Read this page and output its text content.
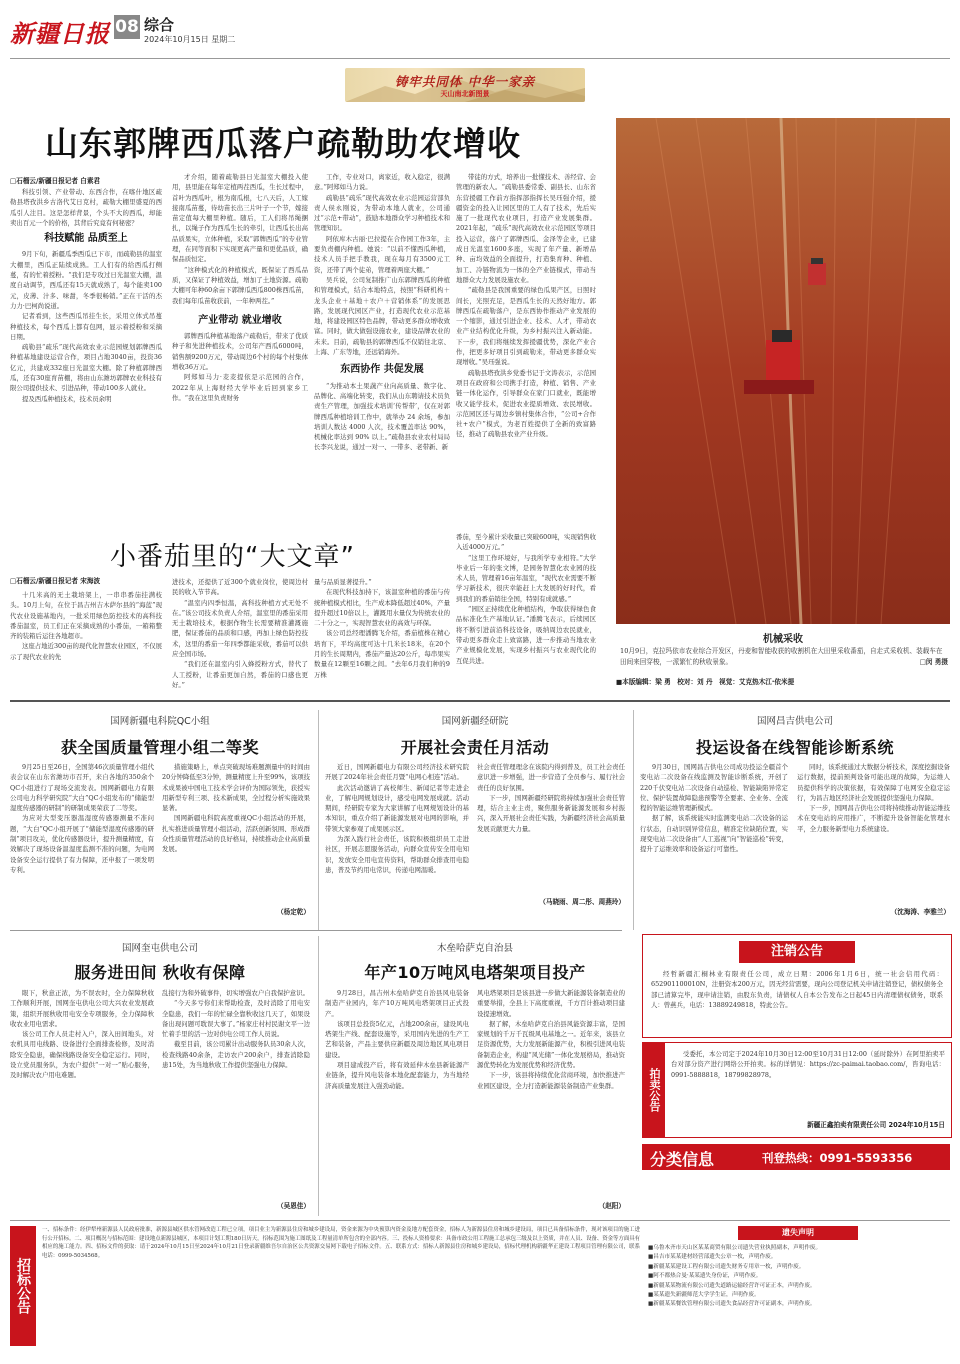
新疆日报 08 综合
2024年10月15日 星期二
铸牢共同体 中华一家亲
天山南北新图景
山东郭牌西瓜落户疏勒助农增收
□石榴云/新疆日报记者 白素君

科技引领、产业带动、东西合作，在喀什地区疏勒县塔孜洪乡古洛代艾日克村，疏勒大棚里盛夏的西瓜引人注目。这是怎样背景，个头不大的西瓜，却能卖出百元一个的价格，其背后究竟有何秘密？

科技赋能 品质至上

9月下旬，新疆瓜季西瓜已下市，而疏勒县的温室大棚里，西瓜正陆续成熟。工人们有的给西瓜打侧蔓，有的忙着授粉。“我们是专攻过日光温室大棚，温度自动调节，西瓜还有15天就成熟了，每个能卖100元，皮薄、汁多、味甜，冬季很畅销。”正在干活的杰力力·巴柯尚说道。

记者看到，这些西瓜吊挂生长，采用立体式吊蔓种植技术，每个西瓜上都有包网，显示着授粉和采摘日期。

疏勒县“疏乐”现代高效农业示范园规划郭牌西瓜种植基地建设运营合作，项目占地3040亩，投资36亿元，共建成332座日光温室大棚。除了种植郭牌西瓜，还有30座育苗棚，将由山东潍坊郭牌农业科技有限公司提供技术、引进品种，带动100多人就业。

提及西瓜种植技术，技术员余明

才介绍，随着疏勒县日光温室大棚投入使用，县里能在每年定植两茬西瓜，生长过程中，首叶为西瓜叶，根为南瓜根，七八天后，人工嫁接南瓜苗蔓，待幼苗长出三片叶子一个节，嫁接苗定值每大棚里种植。随后，工人们将吊绳捆扎，以绳子作为西瓜生长的牵引，让西瓜长出高品质果实，立体种植，采取“郭牌西瓜”的专业管理，在同等面积下实现更高产量和更优品质，确保品质恒定。

“这种模式化的种植模式，既保证了西瓜品质，又保证了种植效益，增加了土地资源。疏勒大棚可年种60余亩下郭牌瓜西瓜800株西瓜苗，我们每年瓜苗收获前，一年种两茬。”

产业带动 就业增收

郭牌西瓜种植基地落户疏勒后，带来了优质种子和先进种植技术，公司年产西瓜6000吨，销售额9200万元，带动周边6个村的每个村集体增收36万元。

阿郑如马力·麦麦提依是示范园的合作，2022年从上海财经大学毕业后回到家乡工作。“我在这里负责财务

工作，专业对口，离家近，收入稳定，很满意。”阿郑如马力说。

疏勒县“疏乐”现代高效农业示范园运营部负责人侯永刚说，为带动本地人就业，公司通过“示范+带动”，鼓励本地群众学习种植技术和管理知识。

阿依库木古丽·巴拉提在合作园工作3年，主要负责棚内种植。她说：“以前不懂西瓜种植，技术人员手把手教我，现在每月有3500元工资，还带了两个徒弟，管理着两座大棚。”

吴兵说，公司复制推广山东郭牌西瓜的种植和管理模式，结合本地特点，按照“科研机构＋龙头企业＋基地＋农户＋营销体系”的发展思路，发展现代园区产业，打造现代农业示范基地，将建设园区特色品牌，带动更多群众增收致富。同时，做大做强设施农业，建设品牌农业的未来。目前，疏勒县的郭牌西瓜不仅销往北京、上海、广东等地，还远销海外。

东西协作 共促发展

“为推动本土果蔬产业向高质量、数字化、品牌化、高端化转变，我们从山东聘请技术员负责生产管理，加强技术培训‘传帮带’，仅在对郭牌西瓜种植培训工作中，就举办 24 余场，参加培训人数达 4000 人次，技术覆盖率达 90%，机械化率达到 90% 以上。”疏勒县农业农村局局长李兴龙说，通过一对一、一带多、老带新、新

带徒的方式，培养出一批懂技术、善经营、会管理的新农人。“疏勒县委常委、副县长、山东省东营援疆工作前方指挥部指挥长吴珏强介绍，援疆资金的投入让园区里的工人有了技术，先后实施了一批现代农业项目，打造产业发展集群。2021年起，“疏乐”现代高效农业示范园区等项目投入运营，落户了郭牌西瓜、金泽等企业，已建成日光温室1600多座，实现了年产量、新增品种、亩均效益的全面提升，打造集育种、种植、加工、冷链物流为一体的全产业链模式，带动当地群众大力发展设施农业。

“疏勒县是我国重要的绿色瓜果产区，日照时间长，光照充足，是西瓜生长的天然好地方。郭牌西瓜在疏勒落户，是东西协作推动产业发展的一个缩影，通过引进企业、技术、人才，带动农业产业结构优化升级，为乡村振兴注入新动能。下一步，我们将继续发挥援疆优势，深化产业合作，把更多好项目引到疏勒来，带动更多群众实现增收。”吴珏强说。

疏勒县塔孜洪乡党委书记于文涛表示，示范园项目在政府和公司携手打造，种植、销售、产业链一体化运作，引导群众在家门口就业，既能增收又能学技术，促进农业提质增效、农民增收。示范园区还与周边乡镇村集体合作，“公司+合作社+农户”模式，为老百姓提供了全新的致富路径，推动了疏勒县农业产业升级。

机械采收
10月9日，克拉玛依市农业综合开发区，丹麦和智能收获的收割机在大田里采收番茄，自走式采收机、装载车在田间来回穿梭，一派繁忙的秋收景象。	□闵 勇摄
小番茄里的“大文章”
□石榴云/新疆日报记者 宋海波

十几米高的无土栽培架上，一串串番茄挂满枝头。10月上旬，在位于昌吉州吉木萨尔县的“海蓝”现代农业设施基地内，一批采用绿色防控技术的高科技番茄温室，员工们正在采摘成熟的小番茄，一箱箱整齐的装箱后运往各地超市。

这座占地近300亩的现代化智慧农业园区，不仅展示了现代农业的先

进技术，还提供了近300个就业岗位，使周边村民的收入节节高。

“温室内四季恒温，高科技种植方式无处不在。”该公司技术负责人介绍，温室里的番茄采用无土栽培技术，根据作物生长需要精准灌溉施肥，保证番茄的品质和口感，再加上绿色防控技术，这里的番茄一年四季都能采收，番茄可以供应全国市场。

“我们还在温室内引入蜂授粉方式，替代了人工授粉，让番茄更加自然，番茄的口感也更好。”

量与品质显著提升。”

在现代科技加持下，该温室种植的番茄与传统种植模式相比，生产成本降低超过40%，产量提升超过10倍以上，灌溉用水量仅为传统农业的二十分之一，实现智慧农业的高效与环保。

该公司总经理潘腾飞介绍，番茄植株在精心培育下，平均高度可达十几米长18米，在20个月的生长周期内，番茄产量达20公斤，每串果实数量在12颗至16颗之间。“去年6月我们种的9万株

番茄，至今累计采收量已突破600吨，实现销售收入近4000万元。”

“这里工作环境好，与我所学专业相符。”大学毕业后一年的张文博，是园务智慧化农业园的技术人员，管理着16亩年温室，“现代农业需要不断学习新技术，很庆幸能赶上大发展的好时代，看到我们的番茄销往全国，特别有成就感。”

“园区正持续优化种植结构，争取获得绿色食品标准化生产基地认证。”潘腾飞表示，后续园区将不断引进前沿科技设备，吸纳周边农民就业，带动更多群众走上致富路，进一步推动当地农业产业规模化发展，实现乡村振兴与农业现代化的互促共进。

■本版编辑：梁 勇　校对：刘 丹　视觉：艾克热木江·依米提
国网新疆电科院QC小组
获全国质量管理小组二等奖

9月25日至26日，全国第46次质量管理小组代表会议在山东省潍坊市召开，来自各地的350余个QC小组进行了现场交流发表。国网新疆电力有限公司电力科学研究院“大白”QC小组发布的“储能型湿度传感器的研制”的研制成果荣获了二等奖。

为应对大型变压器温湿度传感器测量不准问题，“大白”QC小组开展了“储能型湿度传感器的研制”项目攻关，优化传感器设计，提升测量精度，有效解决了现场设备温湿度监测不准的问题，为电网设备安全运行提供了有力保障，还申报了一项发明专利。

措施策略上，单点突破现场难题测量中的时间由20分钟降低至3分钟，测量精度上升至99%，该项技术成果被中国电工技术学会评价为国际领先，获授实用新型专利三项、技术新成果，全过程分析实施效果显著。

国网新疆电科院高度重视QC小组活动的开展，扎实推进质量管理小组活动，活跃创新氛围、形成群众性质量管理活动的良好格局，持续推动企业高质量发展。

（杨定乾）
国网新疆经研院
开展社会责任月活动

近日，国网新疆电力有限公司经济技术研究院开展了2024年社会责任月暨“电网心相连”活动。

此次活动邀请了高校师生、新闻记者等走进企业，了解电网规划设计，感受电网发展成就。活动期间，经研院专家为大家讲解了电网规划设计的基本知识，重点介绍了新能源发展对电网的影响，并带领大家参观了成果展示区。

为深入践行社会责任，该院积极组织员工走进社区，开展志愿服务活动，向群众宣传安全用电知识，发放安全用电宣传资料，帮助群众排查用电隐患，普及节约用电常识，传递电网温暖。

社会责任管理理念在该院内得到普及，员工社会责任意识进一步增强，进一步营造了全员参与、履行社会责任的良好氛围。

下一步，国网新疆经研院将持续加强社会责任管理，结合主业主责，聚焦服务新能源发展和乡村振兴，深入开展社会责任实践，为新疆经济社会高质量发展贡献更大力量。

（马晓雨、周二彤、周燕玲）
国网昌吉供电公司
投运设备在线智能诊断系统

9月30日，国网昌吉供电公司成功投运全疆首个变电站二次设备在线监测及智能诊断系统，开创了220千伏变电站二次设备自动巡检、智能缺陷异常定位、保护装置故障隐患预警等全要素、全业务、全流程的智能运维管理新模式。

据了解，该系统能实时监测变电站二次设备的运行状态，自动识别异常信息，精准定位缺陷位置，实现变电站二次设备由“人工巡视”向“智能巡检”转变，提升了运维效率和设备运行可靠性。

同时，该系统通过大数据分析技术，深度挖掘设备运行数据，提前预判设备可能出现的故障，为运维人员提供科学的决策依据，有效保障了电网安全稳定运行，为昌吉地区经济社会发展提供坚强电力保障。

下一步，国网昌吉供电公司将持续推动智能运维技术在变电站的应用推广，不断提升设备智能化管理水平，全力服务新型电力系统建设。

（沈海涛、李雅兰）
国网奎屯供电公司
服务进田间 秋收有保障

眼下，秋意正浓，为不误农时，全力保障秋收工作顺利开展，国网奎屯供电公司大兴农业发展政策，组织开展秋收用电安全专项服务，全力保障秋收农业用电需求。

该公司工作人员走村入户，深入田间地头，对农机具用电线路、设备进行全面排查检修，及时消除安全隐患，确保线路设备安全稳定运行。同时，设立党员服务队，为农户提供“一对一”贴心服务，及时解决农户用电难题。

乱接行为和外破事件，切实增强农户自我保护意识。

“今天多亏你们来帮助检查，及时消除了用电安全隐患，我们一年的忙碌全靠秋收这几天了，如果设备出现问题可耽误大事了。”杨家庄村村民谢文平一边忙着手里的活一边对供电公司工作人员说。

截至目前，该公司累计出动服务队员30余人次，检查线路40余条，走访农户200余户，排查消除隐患15处，为当地秋收工作提供坚强电力保障。

（吴恩佳）
木垒哈萨克自治县
年产10万吨风电塔架项目投产

9月28日，昌吉州木垒哈萨克自治县风电装备制造产业园内，年产10万吨风电塔架项目正式投产。

该项目总投资5亿元，占地200余亩，建设风电塔架生产线、配套设施等，采用国内先进的生产工艺和装备，产品主要供应新疆及周边地区风电项目建设。

项目建成投产后，将有效延伸木垒县新能源产业链条，提升风电装备本地化配套能力，为当地经济高质量发展注入强劲动能。

风电塔架项目是该县进一步做大新能源装备制造业的重要举措，全县上下高度重视，千方百计推动项目建设提速增效。

据了解，木垒哈萨克自治县风能资源丰富，是国家规划的千万千瓦级风电基地之一。近年来，该县立足资源优势，大力发展新能源产业，积极引进风电装备制造企业，构建“风光储”一体化发展格局，推动资源优势转化为发展优势和经济优势。

下一步，该县将持续优化营商环境，加快推进产业园区建设，全力打造新能源装备制造产业集群。

（赵阳）
注销公告

经哲新疆汇桐林业有限责任公司，成立日期：2006年1月6日，统一社会信用代码：652901100010N，注册资本200万元，因无经营需要，现向公司登记机关申请注销登记，债权债务全部已清算完毕，现申请注销，由股东负责，请债权人自本公告发布之日起45日内清理债权债务，联系人：曾燕兵，电话：13889249818，特此公告。

拍卖公告

受委托，本公司定于2024年10月30日12:00至10月31日12:00（延时除外）在阿里拍卖平台对部分资产进行网络公开拍卖。标的详情见：https://zc-paimai.taobao.com/，咨询电话：0991-5888818，18799828978。

新疆正鑫拍卖有限责任公司 2024年10月15日
分类信息	刊登热线：0991-5593356
招标公告
一、招标条件：经伊犁州新源县人民政府批准，新源县城区供水管网改造工程已立项，项目业主为新源县住房和城乡建设局，资金来源为中央预算内资金及地方配套资金，招标人为新源县住房和城乡建设局，项目已具备招标条件，现对该项目的施工进行公开招标。二、项目概况与招标范围：建设地点新源县城区，本项目计划工期180日历天，招标范围为施工图纸及工程量清单所包含的全部内容。三、投标人资格要求：具备市政公用工程施工总承包三级及以上资质，并在人员、设备、资金等方面具有相应的施工能力。四、招标文件的获取：请于2024年10月15日至2024年10月21日登录新疆维吾尔自治区公共资源交易网下载电子招标文件。五、联系方式：招标人新源县住房和城乡建设局，招标代理机构新疆华正建设工程项目管理有限公司，联系电话：0999-5034568。
遗失声明
■乌鲁木齐市天山区某某商贸有限公司遗失营业执照副本，声明作废。
■昌吉市某某建材经营部遗失公章一枚，声明作废。
■新疆某某建设工程有限公司遗失财务专用章一枚，声明作废。
■阿不都热合曼·某某遗失身份证，声明作废。
■新疆某某物流有限公司遗失道路运输经营许可证正本，声明作废。
■某某遗失新疆师范大学学生证，声明作废。
■新疆某某餐饮管理有限公司遗失食品经营许可证副本，声明作废。
